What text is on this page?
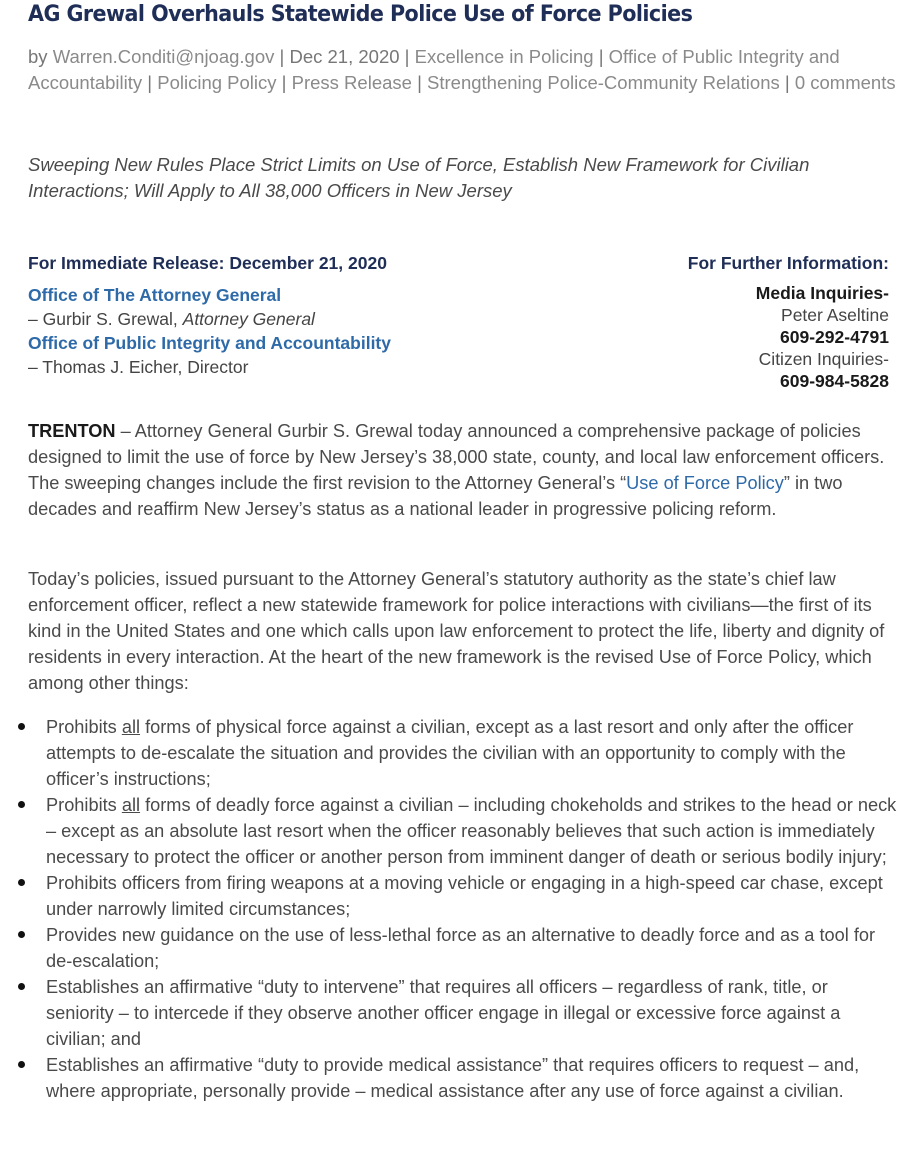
AG Grewal Overhauls Statewide Police Use of Force Policies
by Warren.Conditi@njoag.gov | Dec 21, 2020 | Excellence in Policing | Office of Public Integrity and Accountability | Policing Policy | Press Release | Strengthening Police-Community Relations | 0 comments
Sweeping New Rules Place Strict Limits on Use of Force, Establish New Framework for Civilian Interactions; Will Apply to All 38,000 Officers in New Jersey
For Immediate Release: December 21, 2020
Office of The Attorney General
– Gurbir S. Grewal, Attorney General
Office of Public Integrity and Accountability
– Thomas J. Eicher, Director
For Further Information:
Media Inquiries-
Peter Aseltine
609-292-4791
Citizen Inquiries-
609-984-5828

TRENTON – Attorney General Gurbir S. Grewal today announced a comprehensive package of policies designed to limit the use of force by New Jersey’s 38,000 state, county, and local law enforcement officers. The sweeping changes include the first revision to the Attorney General’s “Use of Force Policy” in two decades and reaffirm New Jersey’s status as a national leader in progressive policing reform.

Today’s policies, issued pursuant to the Attorney General’s statutory authority as the state’s chief law enforcement officer, reflect a new statewide framework for police interactions with civilians—the first of its kind in the United States and one which calls upon law enforcement to protect the life, liberty and dignity of residents in every interaction. At the heart of the new framework is the revised Use of Force Policy, which among other things:

Prohibits all forms of physical force against a civilian, except as a last resort and only after the officer attempts to de-escalate the situation and provides the civilian with an opportunity to comply with the officer’s instructions;
Prohibits all forms of deadly force against a civilian – including chokeholds and strikes to the head or neck – except as an absolute last resort when the officer reasonably believes that such action is immediately necessary to protect the officer or another person from imminent danger of death or serious bodily injury;
Prohibits officers from firing weapons at a moving vehicle or engaging in a high-speed car chase, except under narrowly limited circumstances;
Provides new guidance on the use of less-lethal force as an alternative to deadly force and as a tool for de-escalation;
Establishes an affirmative “duty to intervene” that requires all officers – regardless of rank, title, or seniority – to intercede if they observe another officer engage in illegal or excessive force against a civilian; and
Establishes an affirmative “duty to provide medical assistance” that requires officers to request – and, where appropriate, personally provide – medical assistance after any use of force against a civilian.
